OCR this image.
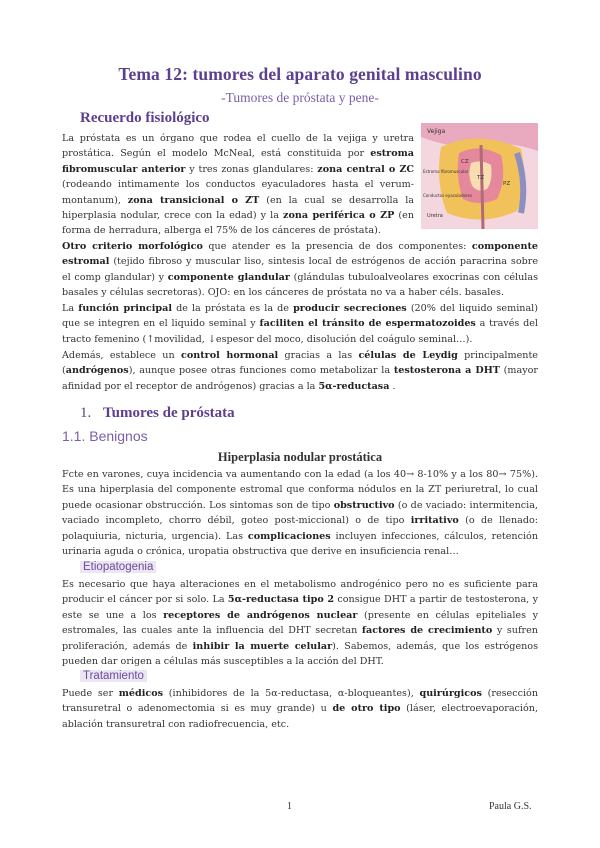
Tema 12: tumores del aparato genital masculino
-Tumores de próstata y pene-
Recuerdo fisiológico
La próstata es un órgano que rodea el cuello de la vejiga y uretra prostática. Según el modelo McNeal, está constituida por estroma fibromuscular anterior y tres zonas glandulares: zona central o ZC (rodeando intimamente los conductos eyaculadores hasta el verum-montanum), zona transicional o ZT (en la cual se desarrolla la hiperplasia nodular, crece con la edad) y la zona periférica o ZP (en forma de herradura, alberga el 75% de los cánceres de próstata).
Vejiga
CZ
TZ
PZ
Estroma fibromuscular
Conductos eyaculadores
Uretra
Otro criterio morfológico que atender es la presencia de dos componentes: componente estromal (tejido fibroso y muscular liso, sintesis local de estrógenos de acción paracrina sobre el comp glandular) y componente glandular (glándulas tubuloalveolares exocrinas con células basales y células secretoras). OJO: en los cánceres de próstata no va a haber céls. basales.
La función principal de la próstata es la de producir secreciones (20% del liquido seminal) que se integren en el liquido seminal y faciliten el tránsito de espermatozoides a través del tracto femenino (↑movilidad, ↓espesor del moco, disolución del coágulo seminal…).
Además, establece un control hormonal gracias a las células de Leydig principalmente (andrógenos), aunque posee otras funciones como metabolizar la testosterona a DHT (mayor afinidad por el receptor de andrógenos) gracias a la 5α-reductasa .
1. Tumores de próstata
1.1. Benignos
Hiperplasia nodular prostática
Fcte en varones, cuya incidencia va aumentando con la edad (a los 40→ 8-10% y a los 80→ 75%). Es una hiperplasia del componente estromal que conforma nódulos en la ZT periuretral, lo cual puede ocasionar obstrucción. Los sintomas son de tipo obstructivo (o de vaciado: intermitencia, vaciado incompleto, chorro débil, goteo post-miccional) o de tipo irritativo (o de llenado: polaquiuria, nicturia, urgencia). Las complicaciones incluyen infecciones, cálculos, retención urinaria aguda o crónica, uropatia obstructiva que derive en insuficiencia renal…
Etiopatogenia
Es necesario que haya alteraciones en el metabolismo androgénico pero no es suficiente para producir el cáncer por si solo. La 5α-reductasa tipo 2 consigue DHT a partir de testosterona, y este se une a los receptores de andrógenos nuclear (presente en células epiteliales y estromales, las cuales ante la influencia del DHT secretan factores de crecimiento y sufren proliferación, además de inhibir la muerte celular). Sabemos, además, que los estrógenos pueden dar origen a células más susceptibles a la acción del DHT.
Tratamiento
Puede ser médicos (inhibidores de la 5α-reductasa, α-bloqueantes), quirúrgicos (resección transuretral o adenomectomia si es muy grande) u de otro tipo (láser, electroevaporación, ablación transuretral con radiofrecuencia, etc.
1	Paula G.S.
